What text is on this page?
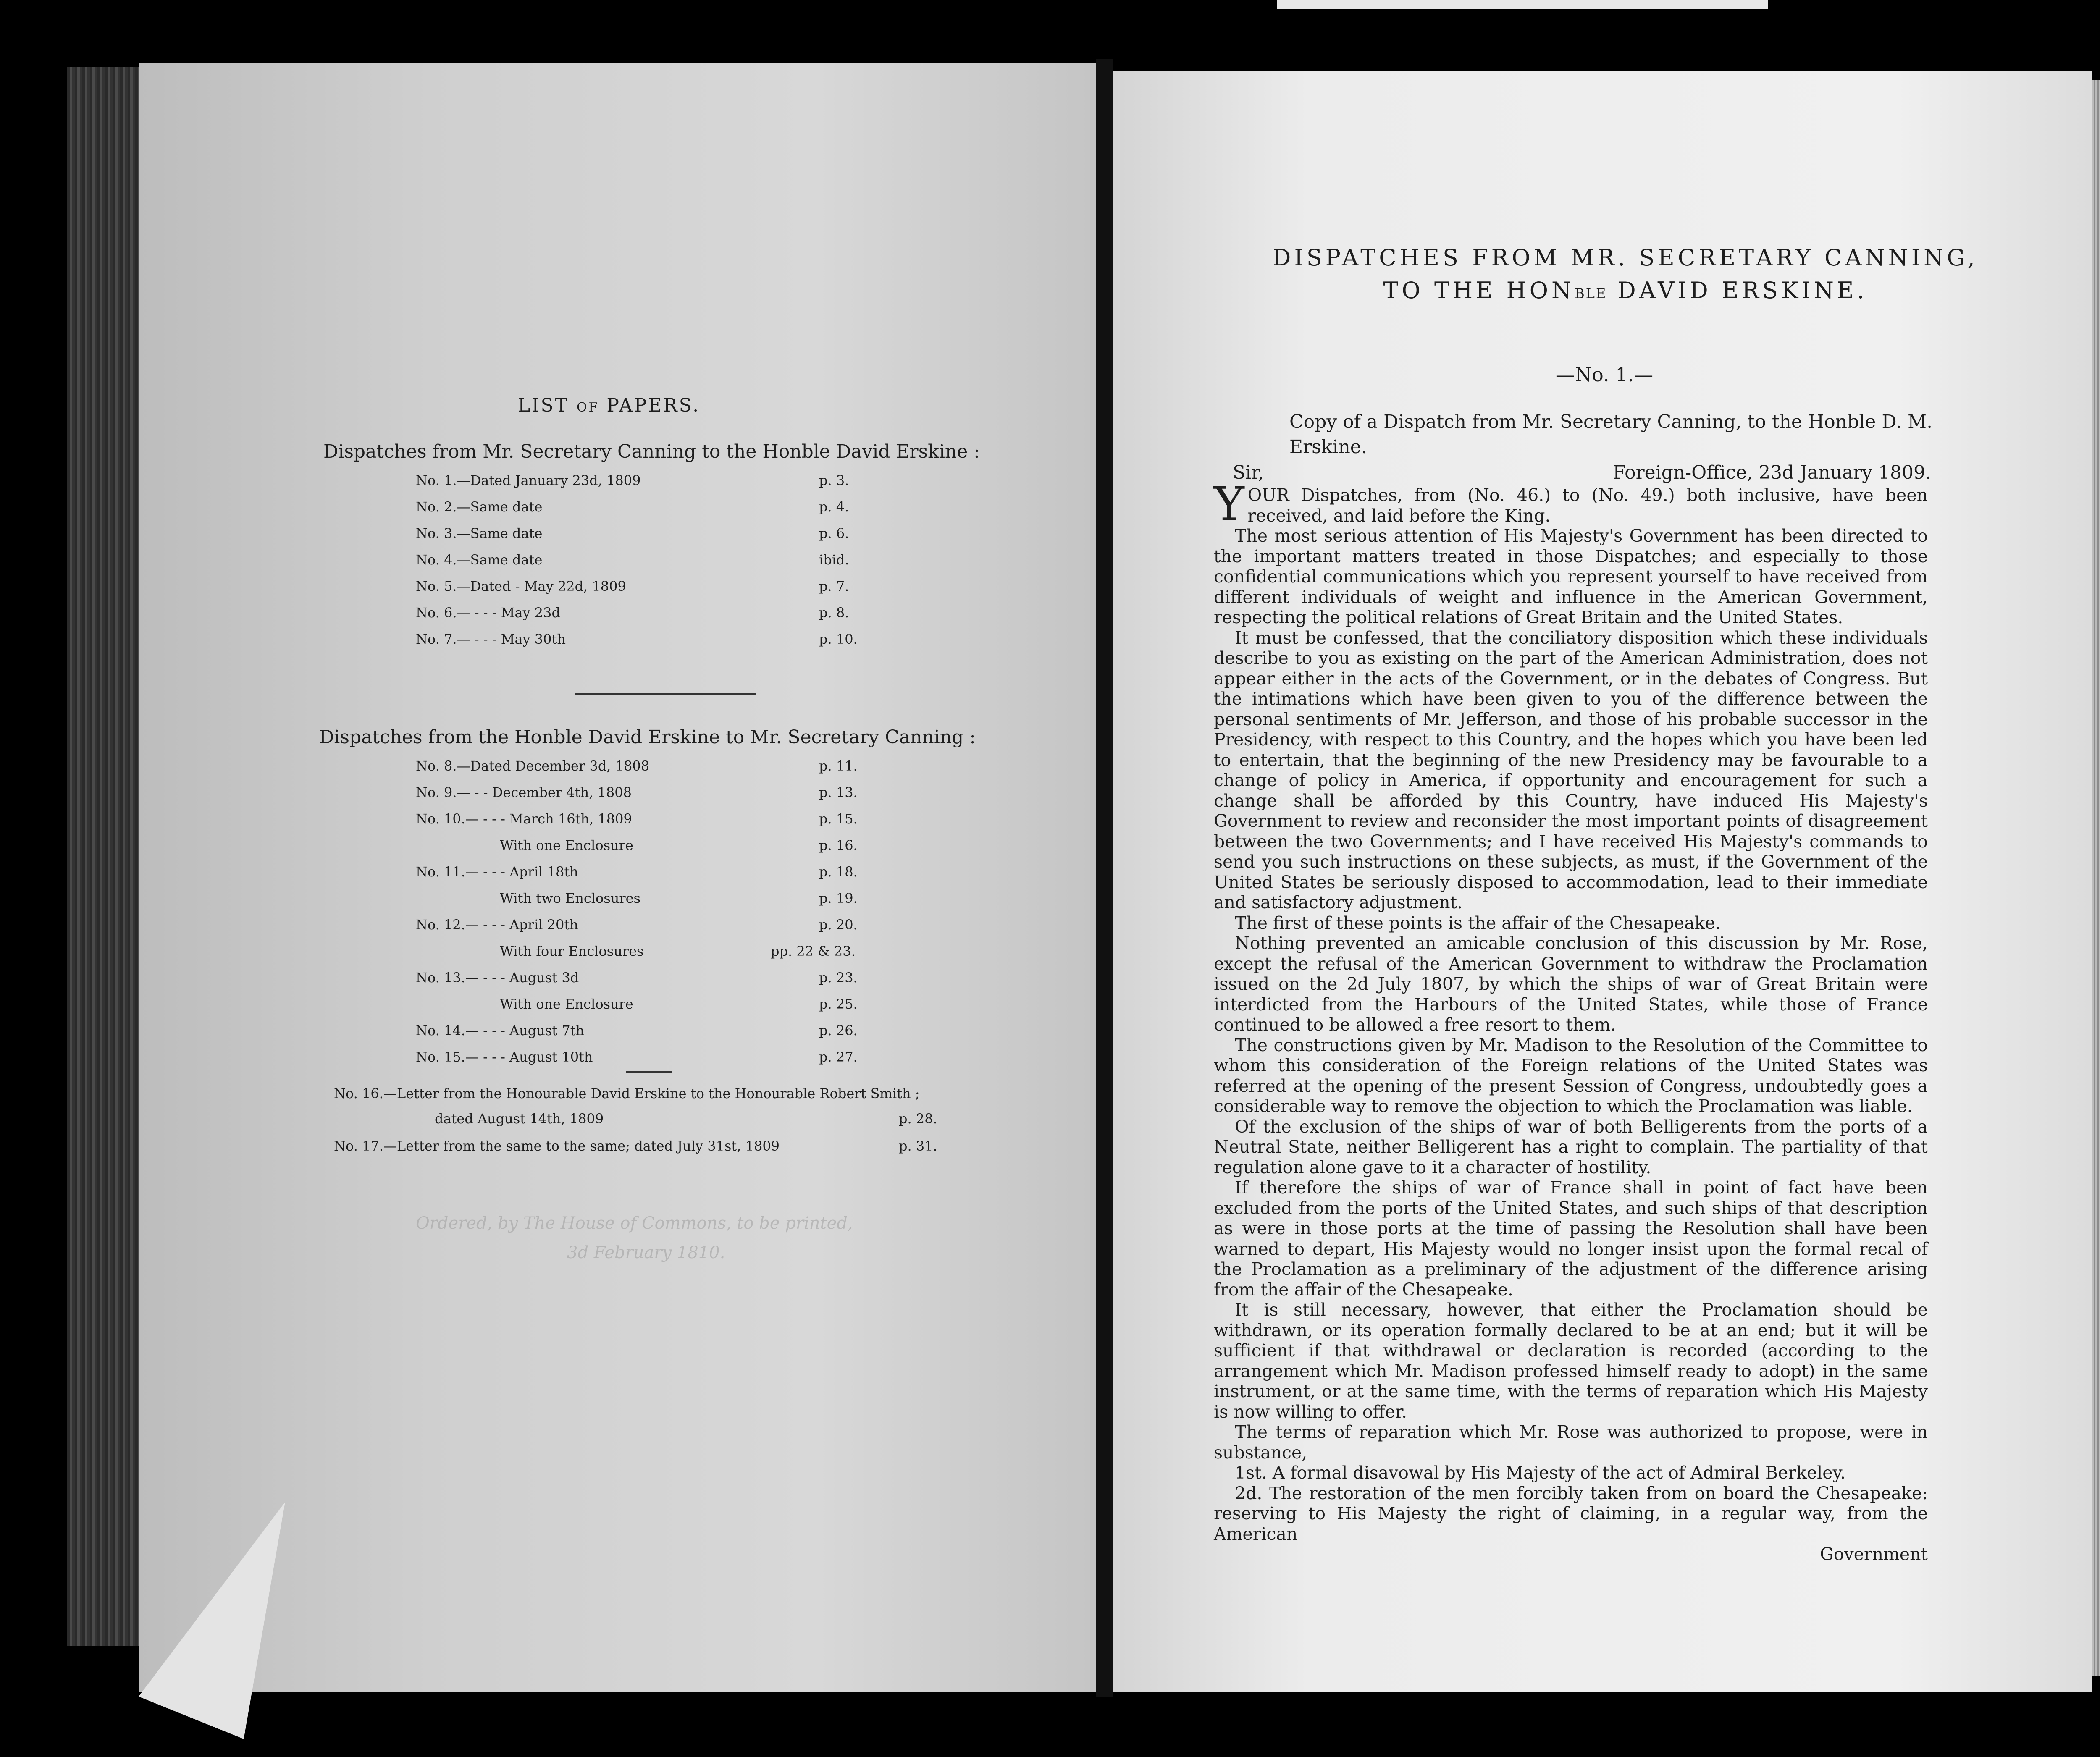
LIST OF PAPERS.
Dispatches from Mr. Secretary Canning to the Honble David Erskine :
No. 1.—Dated January 23d, 1809	p. 3.
No. 2.—Same date	p. 4.
No. 3.—Same date	p. 6.
No. 4.—Same date	ibid.
No. 5.—Dated - May 22d, 1809	p. 7.
No. 6.— - - - May 23d	p. 8.
No. 7.— - - - May 30th	p. 10.
Dispatches from the Honble David Erskine to Mr. Secretary Canning :
No. 8.—Dated December 3d, 1808	p. 11.
No. 9.— - - December 4th, 1808	p. 13.
No. 10.— - - - March 16th, 1809	p. 15.
With one Enclosure	p. 16.
No. 11.— - - - April 18th	p. 18.
With two Enclosures	p. 19.
No. 12.— - - - April 20th	p. 20.
With four Enclosures	pp. 22 & 23.
No. 13.— - - - August 3d	p. 23.
With one Enclosure	p. 25.
No. 14.— - - - August 7th	p. 26.
No. 15.— - - - August 10th	p. 27.
No. 16.—Letter from the Honourable David Erskine to the Honourable Robert Smith ;
dated August 14th, 1809	p. 28.
No. 17.—Letter from the same to the same; dated July 31st, 1809	p. 31.
Ordered, by The House of Commons, to be printed,
3d February 1810.
DISPATCHES FROM MR. SECRETARY CANNING,
TO THE HONBLE DAVID ERSKINE.
—No. 1.—
Copy of a Dispatch from Mr. Secretary Canning, to the Honble D. M. Erskine.
Sir,	Foreign-Office, 23d January 1809.

YOUR Dispatches, from (No. 46.) to (No. 49.) both inclusive, have been received, and laid before the King.

The most serious attention of His Majesty's Government has been directed to the important matters treated in those Dispatches; and especially to those confidential communications which you represent yourself to have received from different individuals of weight and influence in the American Government, respecting the political relations of Great Britain and the United States.

It must be confessed, that the conciliatory disposition which these individuals describe to you as existing on the part of the American Administration, does not appear either in the acts of the Government, or in the debates of Congress. But the intimations which have been given to you of the difference between the personal sentiments of Mr. Jefferson, and those of his probable successor in the Presidency, with respect to this Country, and the hopes which you have been led to entertain, that the beginning of the new Presidency may be favourable to a change of policy in America, if opportunity and encouragement for such a change shall be afforded by this Country, have induced His Majesty's Government to review and reconsider the most important points of disagreement between the two Governments; and I have received His Majesty's commands to send you such instructions on these subjects, as must, if the Government of the United States be seriously disposed to accommodation, lead to their immediate and satisfactory adjustment.

The first of these points is the affair of the Chesapeake.

Nothing prevented an amicable conclusion of this discussion by Mr. Rose, except the refusal of the American Government to withdraw the Proclamation issued on the 2d July 1807, by which the ships of war of Great Britain were interdicted from the Harbours of the United States, while those of France continued to be allowed a free resort to them.

The constructions given by Mr. Madison to the Resolution of the Committee to whom this consideration of the Foreign relations of the United States was referred at the opening of the present Session of Congress, undoubtedly goes a considerable way to remove the objection to which the Proclamation was liable.

Of the exclusion of the ships of war of both Belligerents from the ports of a Neutral State, neither Belligerent has a right to complain. The partiality of that regulation alone gave to it a character of hostility.

If therefore the ships of war of France shall in point of fact have been excluded from the ports of the United States, and such ships of that description as were in those ports at the time of passing the Resolution shall have been warned to depart, His Majesty would no longer insist upon the formal recal of the Proclamation as a preliminary of the adjustment of the difference arising from the affair of the Chesapeake.

It is still necessary, however, that either the Proclamation should be withdrawn, or its operation formally declared to be at an end; but it will be sufficient if that withdrawal or declaration is recorded (according to the arrangement which Mr. Madison professed himself ready to adopt) in the same instrument, or at the same time, with the terms of reparation which His Majesty is now willing to offer.

The terms of reparation which Mr. Rose was authorized to propose, were in substance,

1st. A formal disavowal by His Majesty of the act of Admiral Berkeley.

2d. The restoration of the men forcibly taken from on board the Chesapeake: reserving to His Majesty the right of claiming, in a regular way, from the American

Government
